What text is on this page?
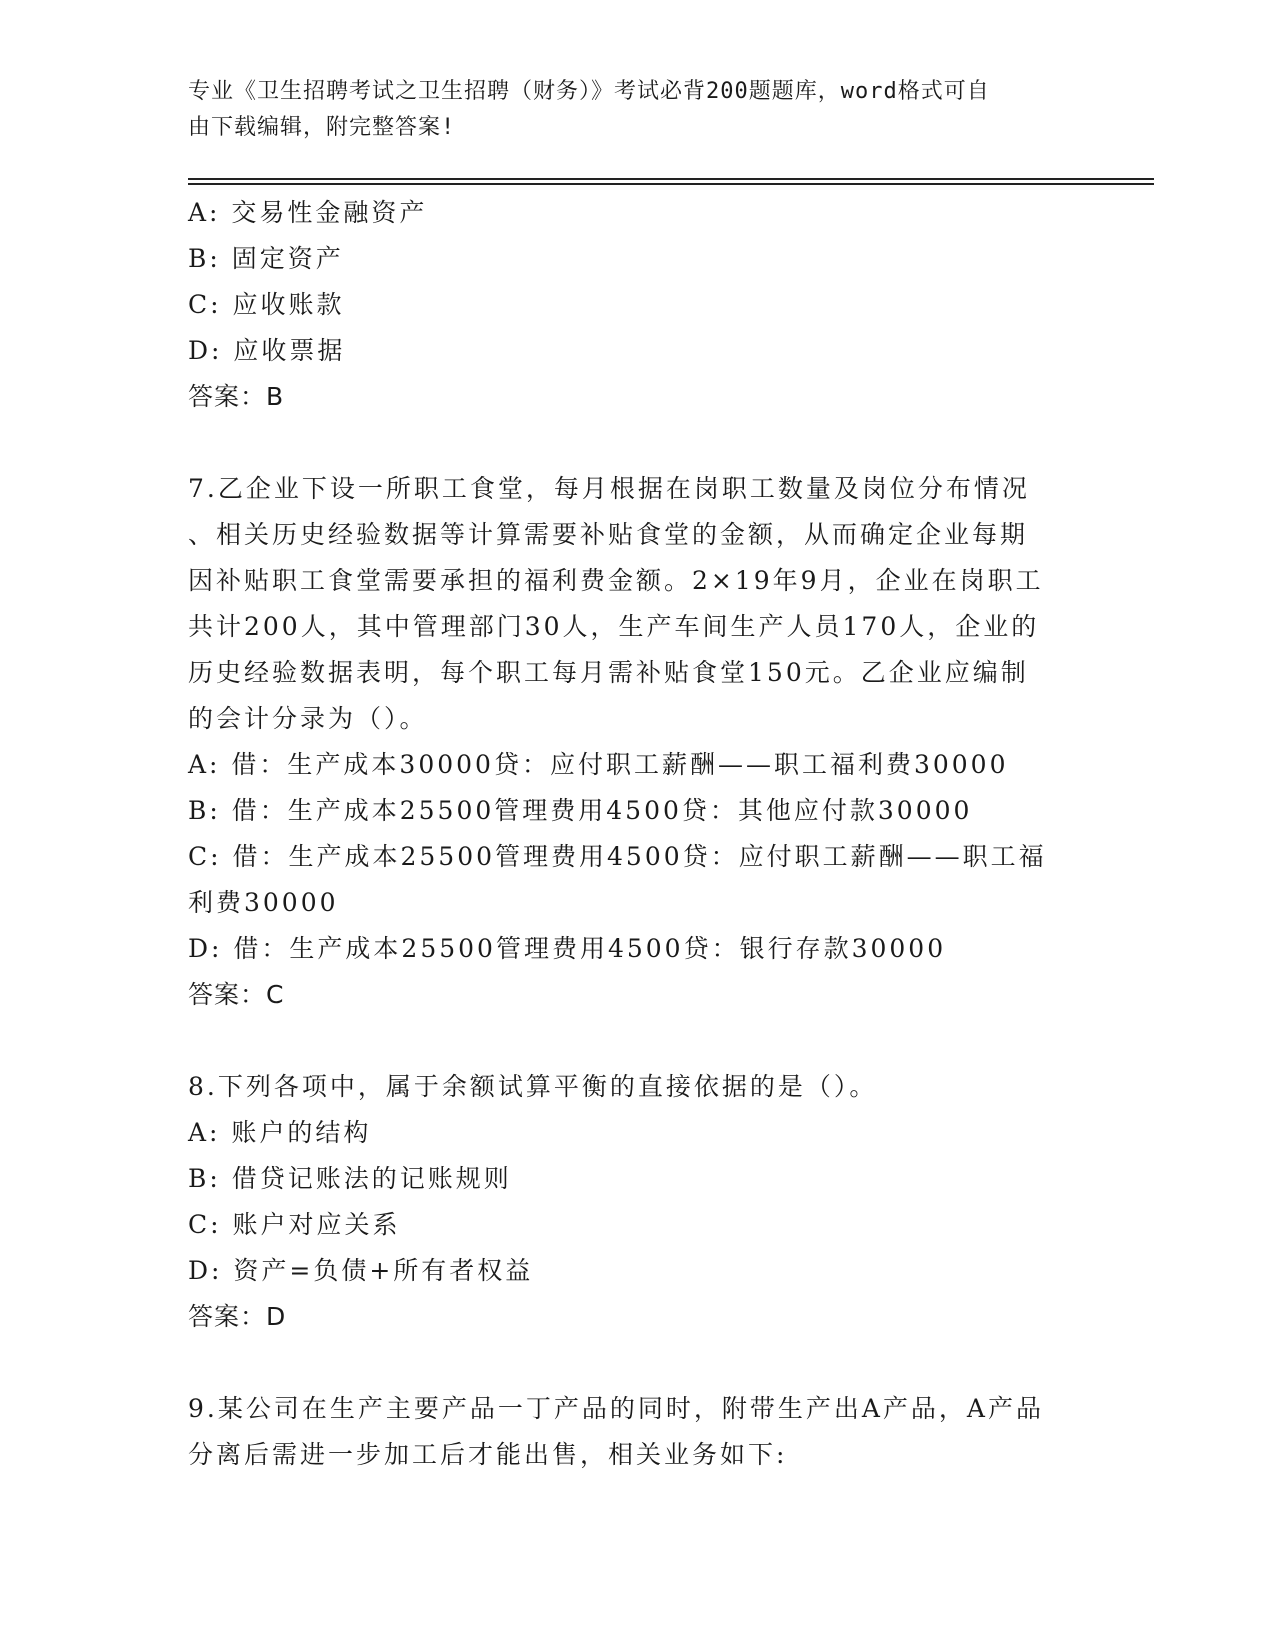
专业《卫生招聘考试之卫生招聘（财务）》考试必背200题题库，word格式可自
由下载编辑，附完整答案!
A: 交易性金融资产
B: 固定资产
C: 应收账款
D: 应收票据
答案：B
7.乙企业下设一所职工食堂，每月根据在岗职工数量及岗位分布情况
、相关历史经验数据等计算需要补贴食堂的金额，从而确定企业每期
因补贴职工食堂需要承担的福利费金额。2×19年9月，企业在岗职工
共计200人，其中管理部门30人，生产车间生产人员170人，企业的
历史经验数据表明，每个职工每月需补贴食堂150元。乙企业应编制
的会计分录为（）。
A: 借：生产成本30000贷：应付职工薪酬——职工福利费30000
B: 借：生产成本25500管理费用4500贷：其他应付款30000
C: 借：生产成本25500管理费用4500贷：应付职工薪酬——职工福
利费30000
D: 借：生产成本25500管理费用4500贷：银行存款30000
答案：C
8.下列各项中，属于余额试算平衡的直接依据的是（）。
A: 账户的结构
B: 借贷记账法的记账规则
C: 账户对应关系
D: 资产=负债+所有者权益
答案：D
9.某公司在生产主要产品一丁产品的同时，附带生产出A产品，A产品
分离后需进一步加工后才能出售，相关业务如下:
